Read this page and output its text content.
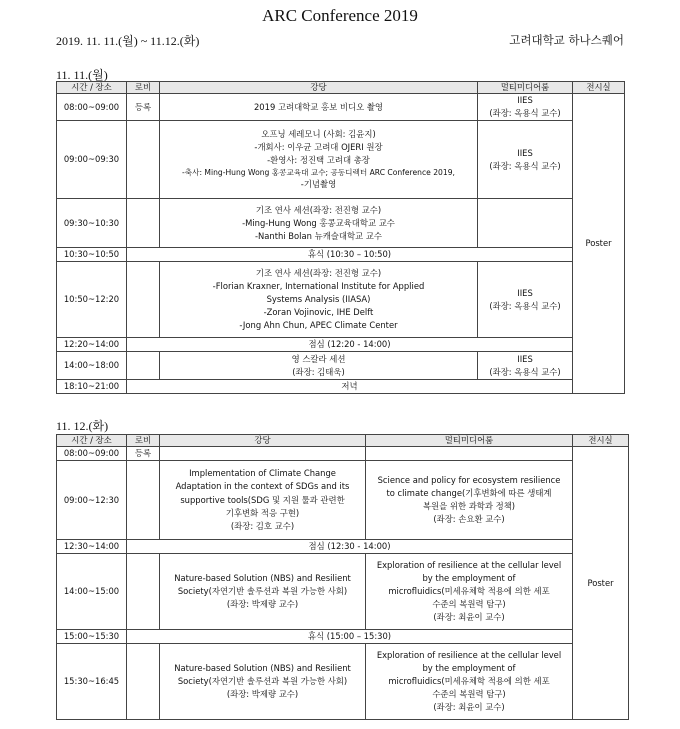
ARC Conference 2019
2019. 11. 11.(월) ~ 11.12.(화)	고려대학교 하나스퀘어
11. 11.(월)
시간 / 장소	로비	강당	멀티미디어룸	전시실
08:00~09:00	등록	2019 고려대학교 홍보 비디오 촬영	IIES
(좌장: 옥용식 교수)	Poster
09:00~09:30		오프닝 세레모니 (사회: 김윤지)
-개회사: 이우균 고려대 OJERI 원장
-환영사: 정진택 고려대 총장
-축사: Ming-Hung Wong 홍콩교육대 교수; 공동디렉터 ARC Conference 2019,
-기념촬영	IIES
(좌장: 옥용식 교수)	

09:30~10:30		기조 연사 세션(좌장: 전진형 교수)
-Ming-Hung Wong 홍콩교육대학교 교수
-Nanthi Bolan 뉴캐슬대학교 교수		

10:30~10:50	휴식 (10:30 – 10:50)			
10:50~12:20		기조 연사 세션(좌장: 전진형 교수)
-Florian Kraxner, International Institute for Applied
Systems Analysis (IIASA)
-Zoran Vojinovic, IHE Delft
-Jong Ahn Chun, APEC Climate Center	IIES
(좌장: 옥용식 교수)	

12:20~14:00	점심 (12:20 - 14:00)			
14:00~18:00		영 스칼라 세션
(좌장: 김태욱)	IIES
(좌장: 옥용식 교수)	

18:10~21:00	저녁			
11. 12.(화)
시간 / 장소	로비	강당	멀티미디어룸	전시실
08:00~09:00	등록			Poster
09:00~12:30		Implementation of Climate Change
Adaptation in the context of SDGs and its
supportive tools(SDG 및 지원 툴과 관련한
기후변화 적응 구현)
(좌장: 김호 교수)	Science and policy for ecosystem resilience
to climate change(기후변화에 따른 생태계
복원을 위한 과학과 정책)
(좌장: 손요환 교수)	

12:30~14:00	점심 (12:30 - 14:00)			
14:00~15:00		Nature-based Solution (NBS) and Resilient
Society(자연기반 솔루션과 복원 가능한 사회)
(좌장: 박제량 교수)	Exploration of resilience at the cellular level
by the employment of
microfluidics(미세유체학 적용에 의한 세포
수준의 복원력 탐구)
(좌장: 최윤이 교수)	

15:00~15:30	휴식 (15:00 – 15:30)			
15:30~16:45		Nature-based Solution (NBS) and Resilient
Society(자연기반 솔루션과 복원 가능한 사회)
(좌장: 박제량 교수)	Exploration of resilience at the cellular level
by the employment of
microfluidics(미세유체학 적용에 의한 세포
수준의 복원력 탐구)
(좌장: 최윤이 교수)	
